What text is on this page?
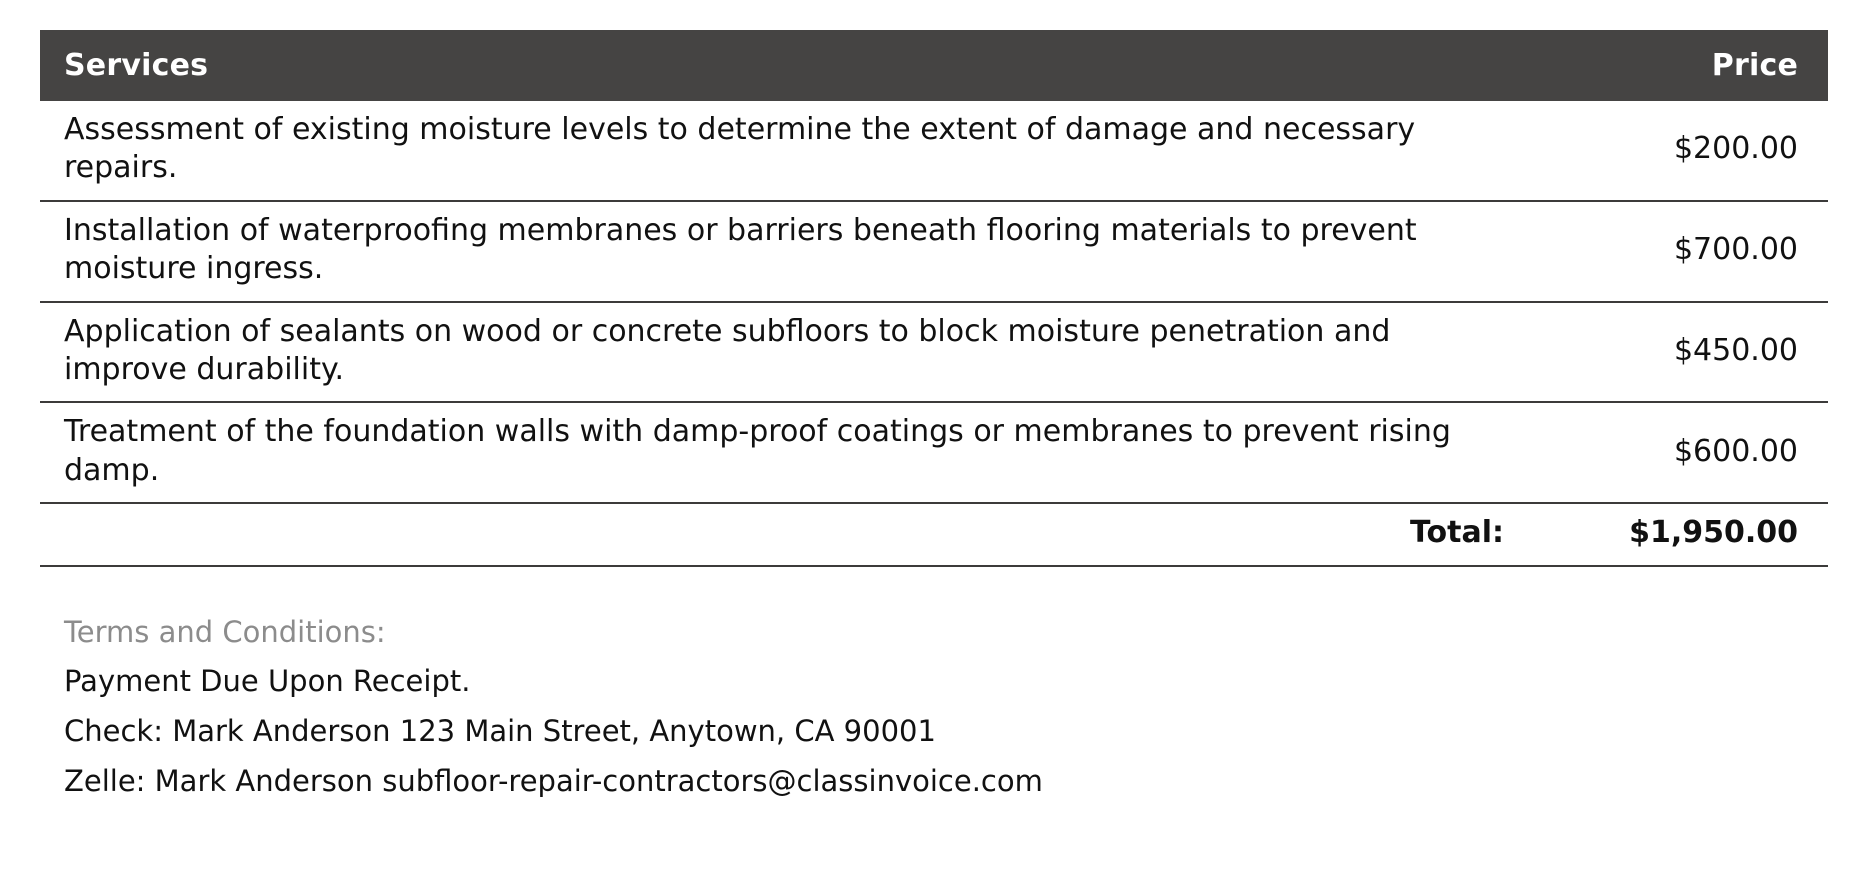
Services	Price
Assessment of existing moisture levels to determine the extent of damage and necessary repairs.	$200.00
Installation of waterproofing membranes or barriers beneath flooring materials to prevent moisture ingress.	$700.00
Application of sealants on wood or concrete subfloors to block moisture penetration and improve durability.	$450.00
Treatment of the foundation walls with damp-proof coatings or membranes to prevent rising damp.	$600.00
Total:	$1,950.00
Terms and Conditions:
Payment Due Upon Receipt.
Check: Mark Anderson 123 Main Street, Anytown, CA 90001
Zelle: Mark Anderson subfloor-repair-contractors@classinvoice.com
